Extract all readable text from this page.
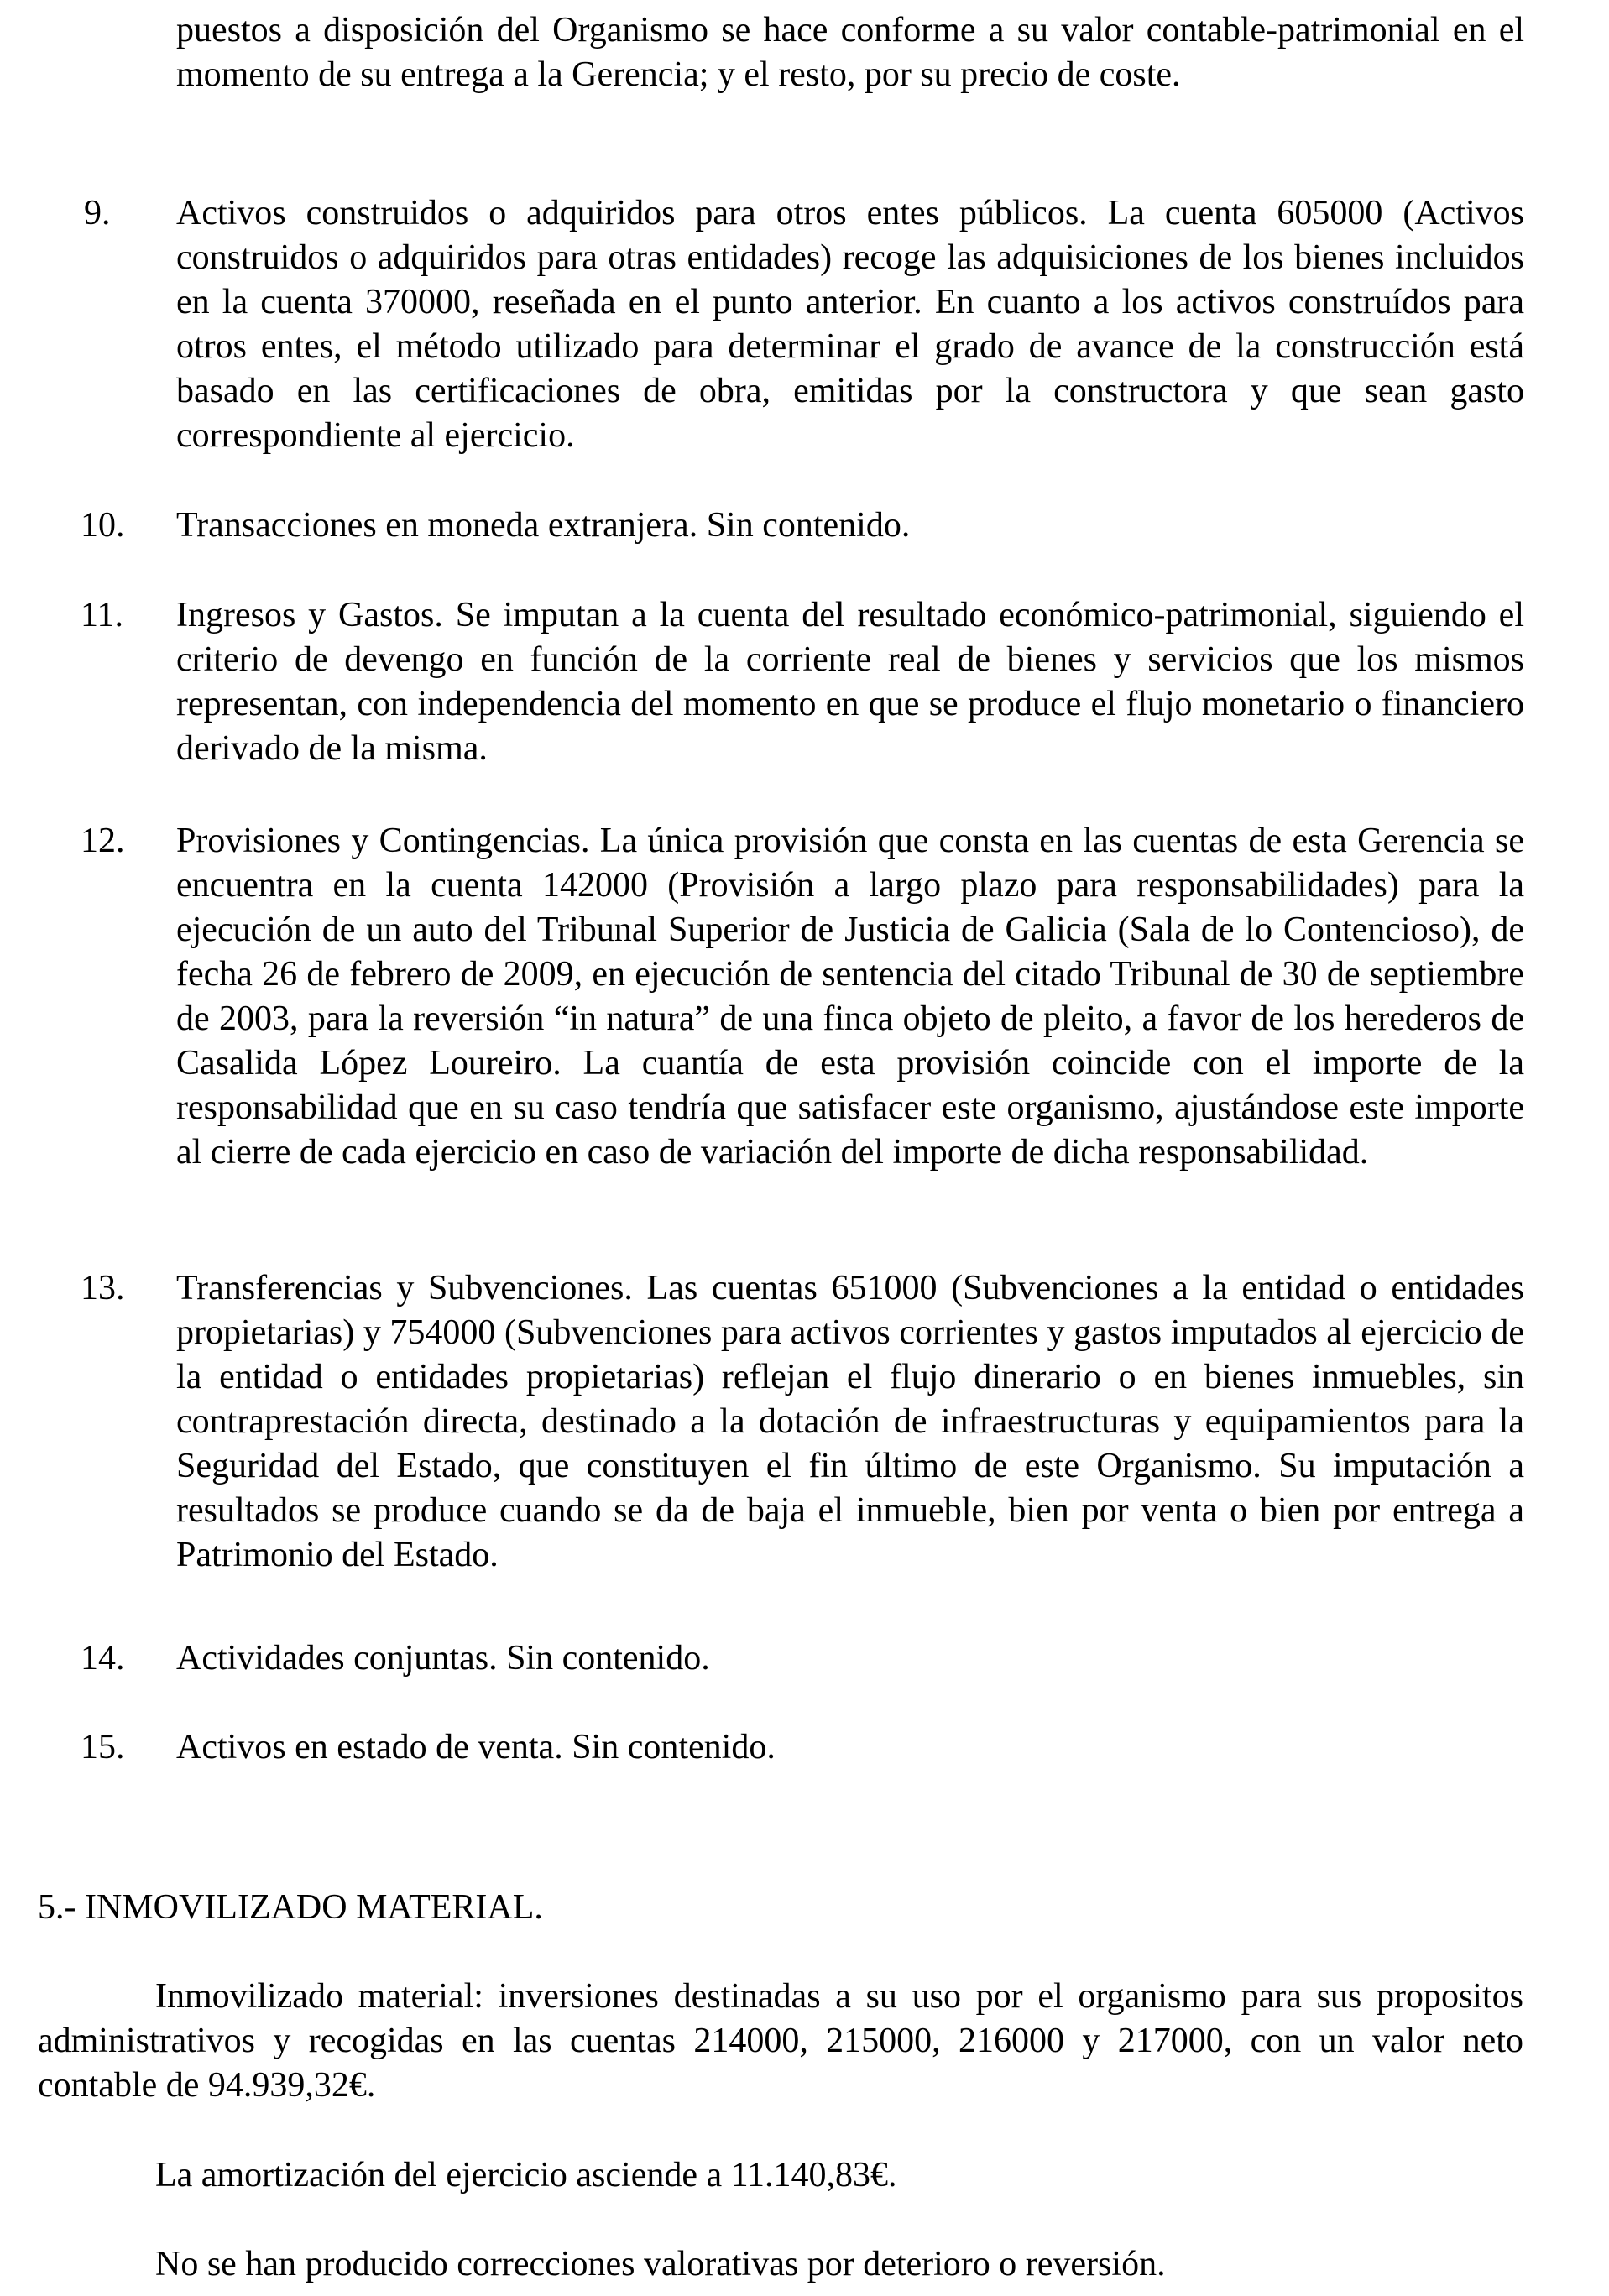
puestos a disposición del Organismo se hace conforme a su valor contable-patrimonial en el momento de su entrega a la Gerencia; y el resto, por su precio de coste.

9. Activos construidos o adquiridos para otros entes públicos. La cuenta 605000 (Activos construidos o adquiridos para otras entidades) recoge las adquisiciones de los bienes incluidos en la cuenta 370000, reseñada en el punto anterior. En cuanto a los activos construídos para otros entes, el método utilizado para determinar el grado de avance de la construcción está basado en las certificaciones de obra, emitidas por la constructora y que sean gasto correspondiente al ejercicio.

10. Transacciones en moneda extranjera. Sin contenido.

11. Ingresos y Gastos. Se imputan a la cuenta del resultado económico-patrimonial, siguiendo el criterio de devengo en función de la corriente real de bienes y servicios que los mismos representan, con independencia del momento en que se produce el flujo monetario o financiero derivado de la misma.

12. Provisiones y Contingencias. La única provisión que consta en las cuentas de esta Gerencia se encuentra en la cuenta 142000 (Provisión a largo plazo para responsabilidades) para la ejecución de un auto del Tribunal Superior de Justicia de Galicia (Sala de lo Contencioso), de fecha 26 de febrero de 2009, en ejecución de sentencia del citado Tribunal de 30 de septiembre de 2003, para la reversión “in natura” de una finca objeto de pleito, a favor de los herederos de Casalida López Loureiro. La cuantía de esta provisión coincide con el importe de la responsabilidad que en su caso tendría que satisfacer este organismo, ajustándose este importe al cierre de cada ejercicio en caso de variación del importe de dicha responsabilidad.

13. Transferencias y Subvenciones. Las cuentas 651000 (Subvenciones a la entidad o entidades propietarias) y 754000 (Subvenciones para activos corrientes y gastos imputados al ejercicio de la entidad o entidades propietarias) reflejan el flujo dinerario o en bienes inmuebles, sin contraprestación directa, destinado a la dotación de infraestructuras y equipamientos para la Seguridad del Estado, que constituyen el fin último de este Organismo. Su imputación a resultados se produce cuando se da de baja el inmueble, bien por venta o bien por entrega a Patrimonio del Estado.

14. Actividades conjuntas. Sin contenido.

15. Activos en estado de venta. Sin contenido.

5.- INMOVILIZADO MATERIAL.

Inmovilizado material: inversiones destinadas a su uso por el organismo para sus propositos administrativos y recogidas en las cuentas 214000, 215000, 216000 y 217000, con un valor neto contable de 94.939,32€.

La amortización del ejercicio asciende a 11.140,83€.

No se han producido correcciones valorativas por deterioro o reversión.
